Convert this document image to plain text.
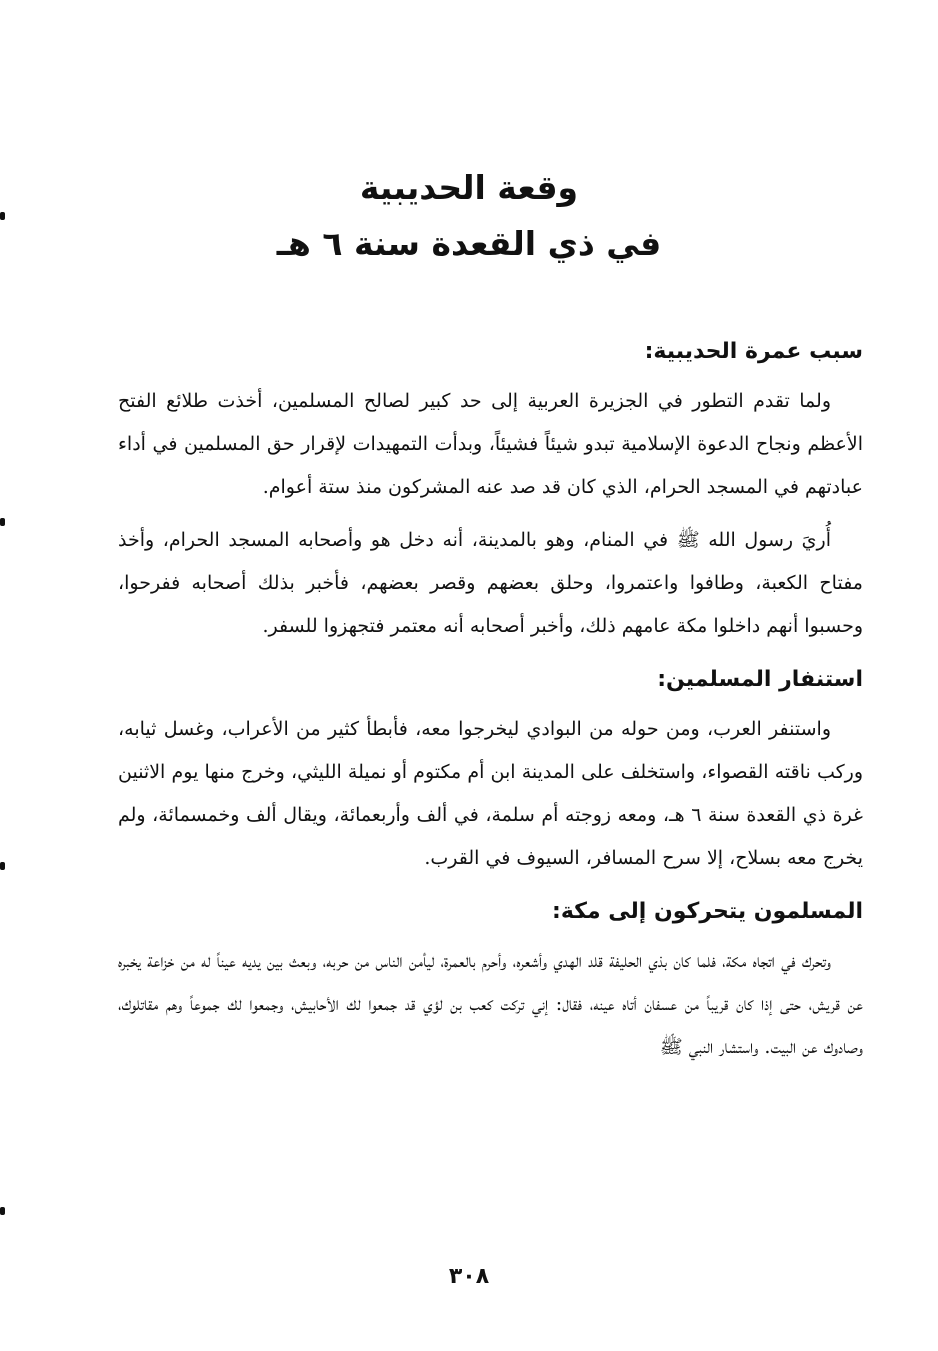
وقعة الحديبية

في ذي القعدة سنة ٦ هـ

سبب عمرة الحديبية:

ولما تقدم التطور في الجزيرة العربية إلى حد كبير لصالح المسلمين، أخذت طلائع الفتح الأعظم ونجاح الدعوة الإسلامية تبدو شيئاً فشيئاً، وبدأت التمهيدات لإقرار حق المسلمين في أداء عبادتهم في المسجد الحرام، الذي كان قد صد عنه المشركون منذ ستة أعوام.

أُريَ رسول الله ﷺ في المنام، وهو بالمدينة، أنه دخل هو وأصحابه المسجد الحرام، وأخذ مفتاح الكعبة، وطافوا واعتمروا، وحلق بعضهم وقصر بعضهم، فأخبر بذلك أصحابه ففرحوا، وحسبوا أنهم داخلوا مكة عامهم ذلك، وأخبر أصحابه أنه معتمر فتجهزوا للسفر.

استنفار المسلمين:

واستنفر العرب، ومن حوله من البوادي ليخرجوا معه، فأبطأ كثير من الأعراب، وغسل ثيابه، وركب ناقته القصواء، واستخلف على المدينة ابن أم مكتوم أو نميلة الليثي، وخرج منها يوم الاثنين غرة ذي القعدة سنة ٦ هـ، ومعه زوجته أم سلمة، في ألف وأربعمائة، ويقال ألف وخمسمائة، ولم يخرج معه بسلاح، إلا سرح المسافر، السيوف في القرب.

المسلمون يتحركون إلى مكة:

وتحرك في اتجاه مكة، فلما كان بذي الحليفة قلد الهدي وأشعره، وأحرم بالعمرة، ليأمن الناس من حربه، وبعث بين يديه عيناً له من خزاعة يخبره عن قريش، حتى إذا كان قريباً من عسفان أتاه عينه، فقال: إني تركت كعب بن لؤي قد جمعوا لك الأحابيش، وجمعوا لك جموعاً وهم مقاتلوك، وصادوك عن البيت. واستشار النبي ﷺ

٣٠٨
